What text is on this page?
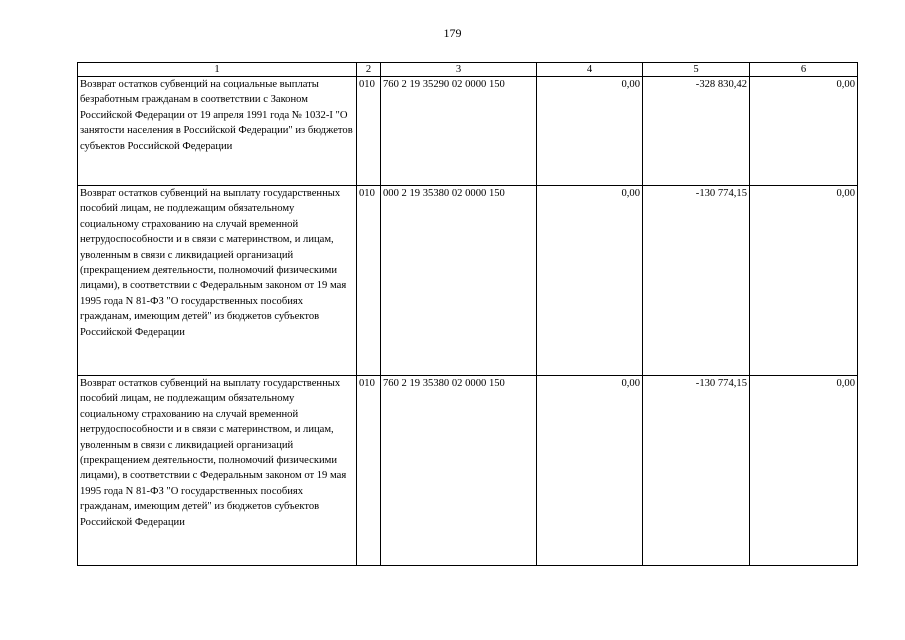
179
1	2	3	4	5	6
Возврат остатков субвенций на социальные выплаты безработным гражданам в соответствии с Законом Российской Федерации от 19 апреля 1991 года № 1032-I "О занятости населения в Российской Федерации" из бюджетов субъектов Российской Федерации	010	760 2 19 35290 02 0000 150	0,00	-328 830,42	0,00
Возврат остатков субвенций на выплату государственных пособий лицам, не подлежащим обязательному социальному страхованию на случай временной нетрудоспособности и в связи с материнством, и лицам, уволенным в связи с ликвидацией организаций (прекращением деятельности, полномочий физическими лицами), в соответствии с Федеральным законом от 19 мая 1995 года N 81-ФЗ "О государственных пособиях гражданам, имеющим детей" из бюджетов субъектов Российской Федерации	010	000 2 19 35380 02 0000 150	0,00	-130 774,15	0,00
Возврат остатков субвенций на выплату государственных пособий лицам, не подлежащим обязательному социальному страхованию на случай временной нетрудоспособности и в связи с материнством, и лицам, уволенным в связи с ликвидацией организаций (прекращением деятельности, полномочий физическими лицами), в соответствии с Федеральным законом от 19 мая 1995 года N 81-ФЗ "О государственных пособиях гражданам, имеющим детей" из бюджетов субъектов Российской Федерации	010	760 2 19 35380 02 0000 150	0,00	-130 774,15	0,00
